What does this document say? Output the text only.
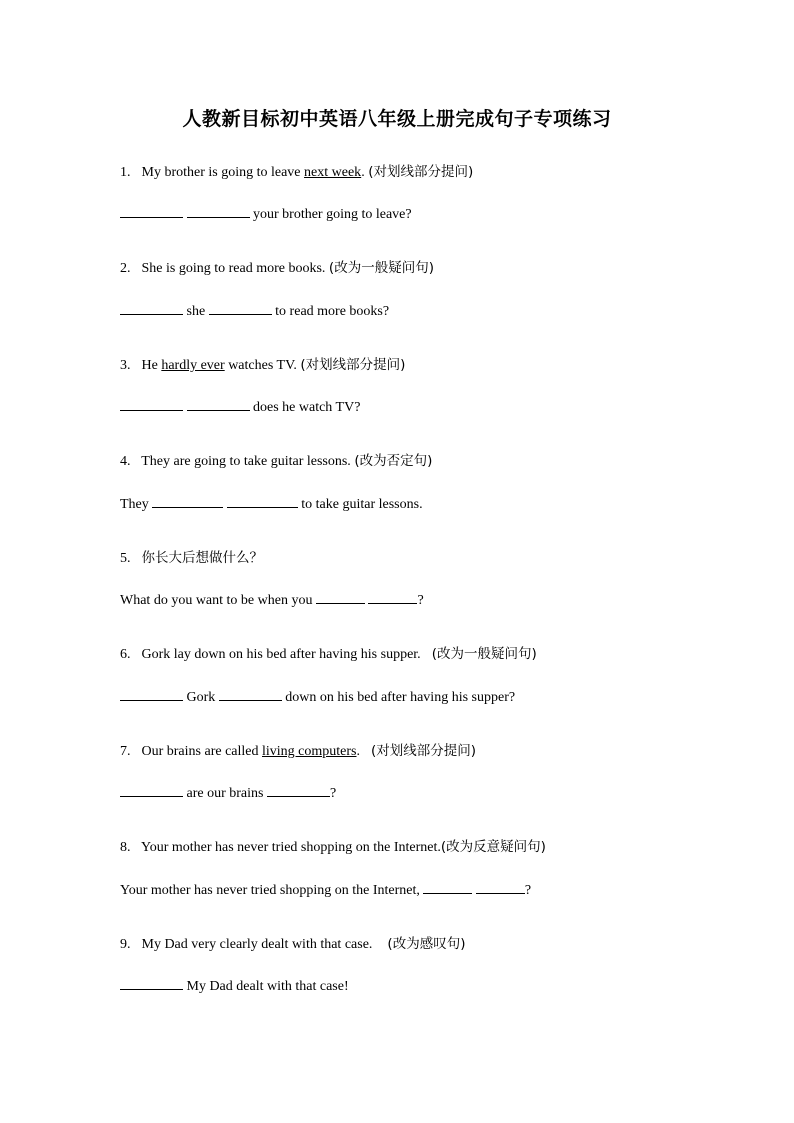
人教新目标初中英语八年级上册完成句子专项练习
1. My brother is going to leave next week. (对划线部分提问)
your brother going to leave?
2. She is going to read more books. (改为一般疑问句)
she	to read more books?
3. He hardly ever watches TV. (对划线部分提问)
does he watch TV?
4. They are going to take guitar lessons. (改为否定句)
They	to take guitar lessons.
5. 你长大后想做什么？
What do you want to be when you	?
6. Gork lay down on his bed after having his supper. (改为一般疑问句)
Gork	down on his bed after having his supper?
7. Our brains are called living computers. (对划线部分提问)
are our brains	?
8. Your mother has never tried shopping on the Internet.(改为反意疑问句)
Your mother has never tried shopping on the Internet,	?
9. My Dad very clearly dealt with that case. (改为感叹句)
My Dad dealt with that case!
